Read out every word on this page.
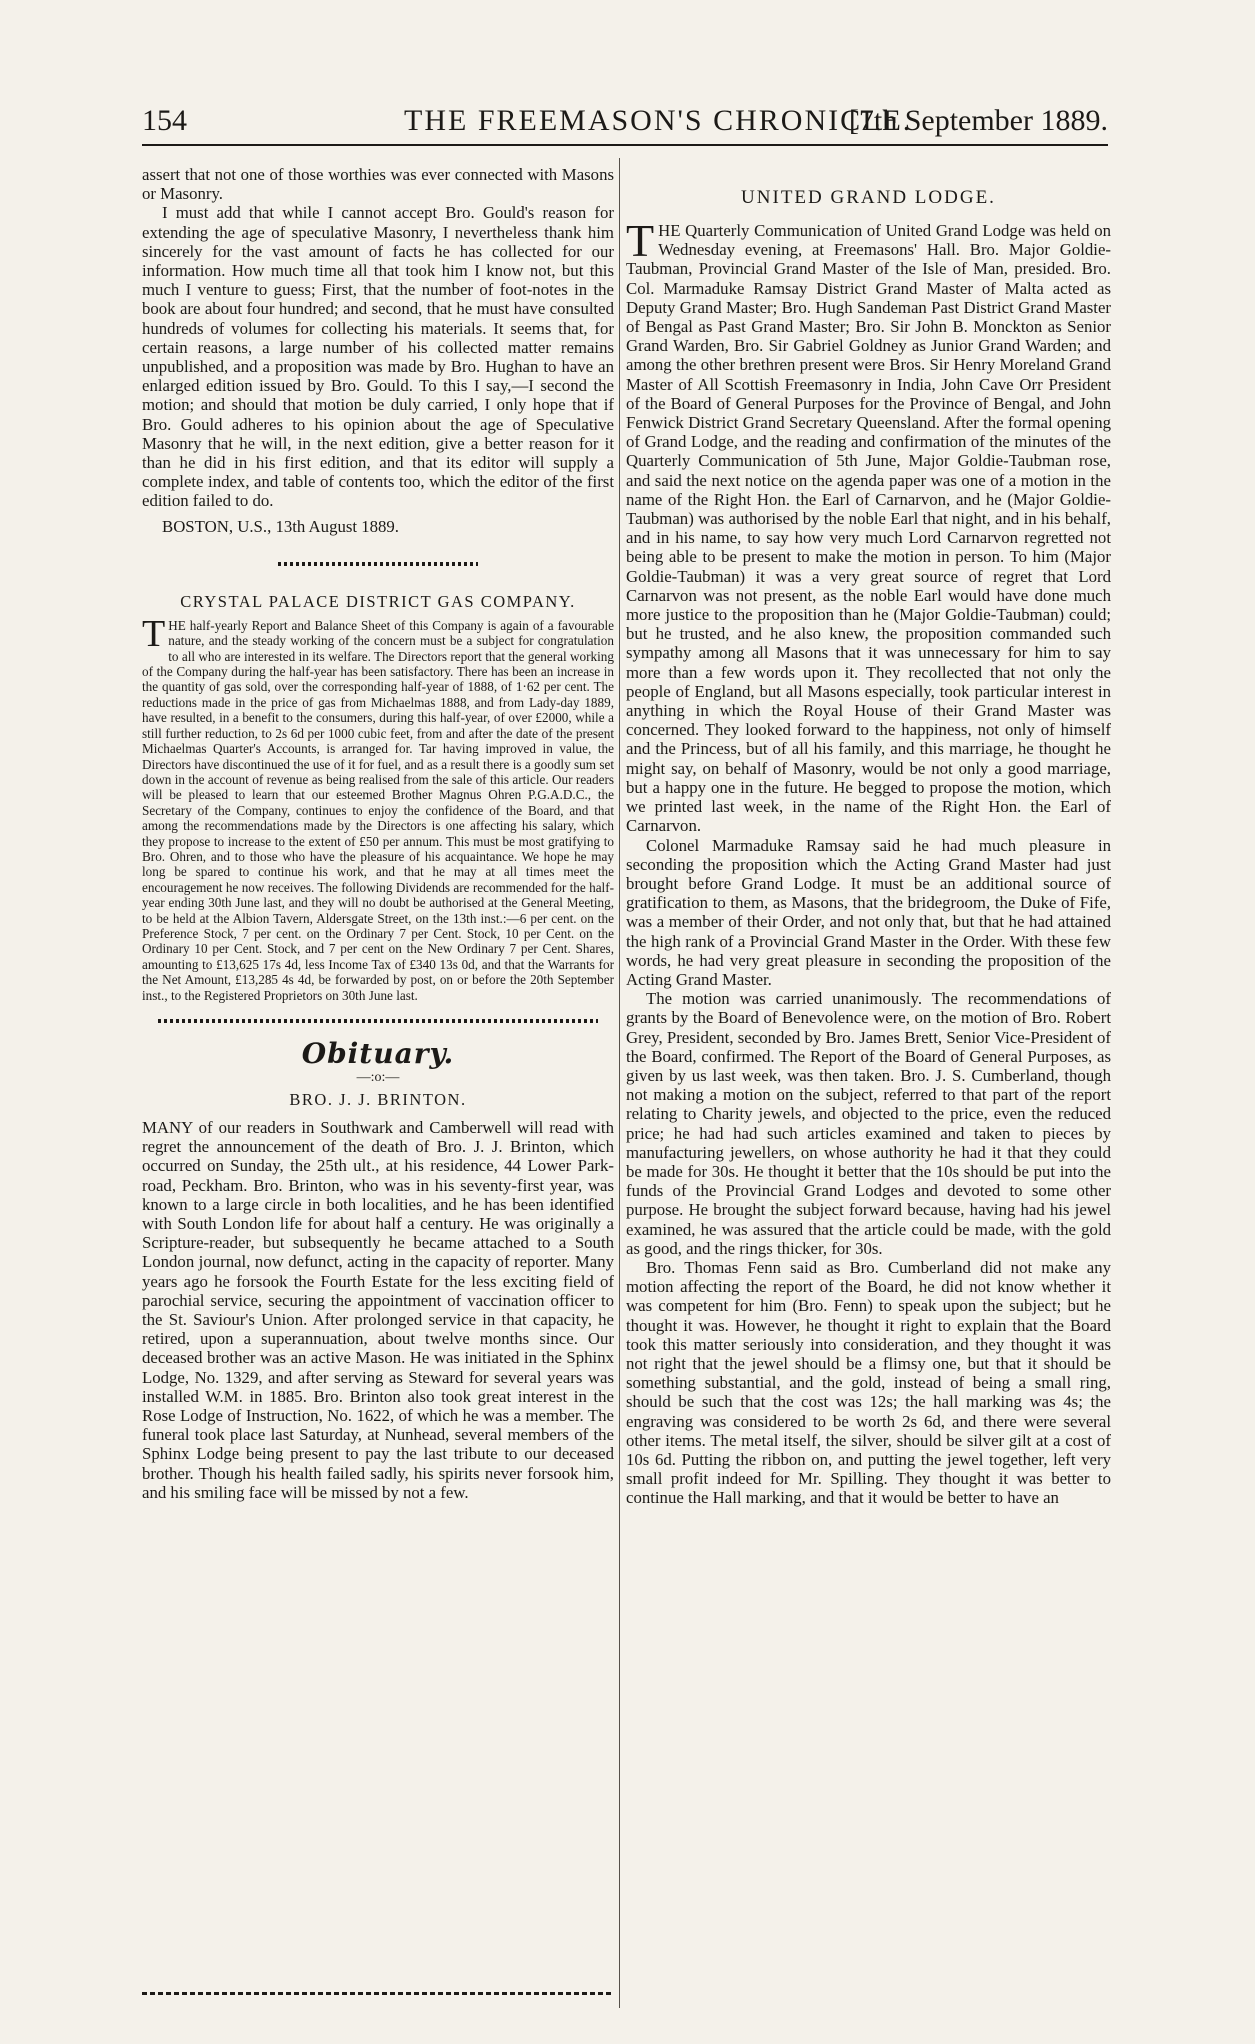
154	THE FREEMASON'S CHRONICLE.
[7th September 1889.

assert that not one of those worthies was ever connected with Masons or Masonry.

I must add that while I cannot accept Bro. Gould's reason for extending the age of speculative Masonry, I nevertheless thank him sincerely for the vast amount of facts he has collected for our information. How much time all that took him I know not, but this much I venture to guess; First, that the number of foot-notes in the book are about four hundred; and second, that he must have consulted hundreds of volumes for collecting his materials. It seems that, for certain reasons, a large number of his collected matter remains unpublished, and a proposition was made by Bro. Hughan to have an enlarged edition issued by Bro. Gould. To this I say,—I second the motion; and should that motion be duly carried, I only hope that if Bro. Gould adheres to his opinion about the age of Speculative Masonry that he will, in the next edition, give a better reason for it than he did in his first edition, and that its editor will supply a complete index, and table of contents too, which the editor of the first edition failed to do.

BOSTON, U.S., 13th August 1889.

CRYSTAL PALACE DISTRICT GAS COMPANY.

THE half-yearly Report and Balance Sheet of this Company is again of a favourable nature, and the steady working of the concern must be a subject for congratulation to all who are interested in its welfare. The Directors report that the general working of the Company during the half-year has been satisfactory. There has been an increase in the quantity of gas sold, over the corresponding half-year of 1888, of 1·62 per cent. The reductions made in the price of gas from Michaelmas 1888, and from Lady-day 1889, have resulted, in a benefit to the consumers, during this half-year, of over £2000, while a still further reduction, to 2s 6d per 1000 cubic feet, from and after the date of the present Michaelmas Quarter's Accounts, is arranged for. Tar having improved in value, the Directors have discontinued the use of it for fuel, and as a result there is a goodly sum set down in the account of revenue as being realised from the sale of this article. Our readers will be pleased to learn that our esteemed Brother Magnus Ohren P.G.A.D.C., the Secretary of the Company, continues to enjoy the confidence of the Board, and that among the recommendations made by the Directors is one affecting his salary, which they propose to increase to the extent of £50 per annum. This must be most gratifying to Bro. Ohren, and to those who have the pleasure of his acquaintance. We hope he may long be spared to continue his work, and that he may at all times meet the encouragement he now receives. The following Dividends are recommended for the half-year ending 30th June last, and they will no doubt be authorised at the General Meeting, to be held at the Albion Tavern, Aldersgate Street, on the 13th inst.:—6 per cent. on the Preference Stock, 7 per cent. on the Ordinary 7 per Cent. Stock, 10 per Cent. on the Ordinary 10 per Cent. Stock, and 7 per cent on the New Ordinary 7 per Cent. Shares, amounting to £13,625 17s 4d, less Income Tax of £340 13s 0d, and that the Warrants for the Net Amount, £13,285 4s 4d, be forwarded by post, on or before the 20th September inst., to the Registered Proprietors on 30th June last.

Obituary.

—:o:—

BRO. J. J. BRINTON.

MANY of our readers in Southwark and Camberwell will read with regret the announcement of the death of Bro. J. J. Brinton, which occurred on Sunday, the 25th ult., at his residence, 44 Lower Park-road, Peckham. Bro. Brinton, who was in his seventy-first year, was known to a large circle in both localities, and he has been identified with South London life for about half a century. He was originally a Scripture-reader, but subsequently he became attached to a South London journal, now defunct, acting in the capacity of reporter. Many years ago he forsook the Fourth Estate for the less exciting field of parochial service, securing the appointment of vaccination officer to the St. Saviour's Union. After prolonged service in that capacity, he retired, upon a superannuation, about twelve months since. Our deceased brother was an active Mason. He was initiated in the Sphinx Lodge, No. 1329, and after serving as Steward for several years was installed W.M. in 1885. Bro. Brinton also took great interest in the Rose Lodge of Instruction, No. 1622, of which he was a member. The funeral took place last Saturday, at Nunhead, several members of the Sphinx Lodge being present to pay the last tribute to our deceased brother. Though his health failed sadly, his spirits never forsook him, and his smiling face will be missed by not a few.

UNITED GRAND LODGE.

THE Quarterly Communication of United Grand Lodge was held on Wednesday evening, at Freemasons' Hall. Bro. Major Goldie-Taubman, Provincial Grand Master of the Isle of Man, presided. Bro. Col. Marmaduke Ramsay District Grand Master of Malta acted as Deputy Grand Master; Bro. Hugh Sandeman Past District Grand Master of Bengal as Past Grand Master; Bro. Sir John B. Monckton as Senior Grand Warden, Bro. Sir Gabriel Goldney as Junior Grand Warden; and among the other brethren present were Bros. Sir Henry Moreland Grand Master of All Scottish Freemasonry in India, John Cave Orr President of the Board of General Purposes for the Province of Bengal, and John Fenwick District Grand Secretary Queensland. After the formal opening of Grand Lodge, and the reading and confirmation of the minutes of the Quarterly Communication of 5th June, Major Goldie-Taubman rose, and said the next notice on the agenda paper was one of a motion in the name of the Right Hon. the Earl of Carnarvon, and he (Major Goldie-Taubman) was authorised by the noble Earl that night, and in his behalf, and in his name, to say how very much Lord Carnarvon regretted not being able to be present to make the motion in person. To him (Major Goldie-Taubman) it was a very great source of regret that Lord Carnarvon was not present, as the noble Earl would have done much more justice to the proposition than he (Major Goldie-Taubman) could; but he trusted, and he also knew, the proposition commanded such sympathy among all Masons that it was unnecessary for him to say more than a few words upon it. They recollected that not only the people of England, but all Masons especially, took particular interest in anything in which the Royal House of their Grand Master was concerned. They looked forward to the happiness, not only of himself and the Princess, but of all his family, and this marriage, he thought he might say, on behalf of Masonry, would be not only a good marriage, but a happy one in the future. He begged to propose the motion, which we printed last week, in the name of the Right Hon. the Earl of Carnarvon.

Colonel Marmaduke Ramsay said he had much pleasure in seconding the proposition which the Acting Grand Master had just brought before Grand Lodge. It must be an additional source of gratification to them, as Masons, that the bridegroom, the Duke of Fife, was a member of their Order, and not only that, but that he had attained the high rank of a Provincial Grand Master in the Order. With these few words, he had very great pleasure in seconding the proposition of the Acting Grand Master.

The motion was carried unanimously. The recommendations of grants by the Board of Benevolence were, on the motion of Bro. Robert Grey, President, seconded by Bro. James Brett, Senior Vice-President of the Board, confirmed. The Report of the Board of General Purposes, as given by us last week, was then taken. Bro. J. S. Cumberland, though not making a motion on the subject, referred to that part of the report relating to Charity jewels, and objected to the price, even the reduced price; he had had such articles examined and taken to pieces by manufacturing jewellers, on whose authority he had it that they could be made for 30s. He thought it better that the 10s should be put into the funds of the Provincial Grand Lodges and devoted to some other purpose. He brought the subject forward because, having had his jewel examined, he was assured that the article could be made, with the gold as good, and the rings thicker, for 30s.

Bro. Thomas Fenn said as Bro. Cumberland did not make any motion affecting the report of the Board, he did not know whether it was competent for him (Bro. Fenn) to speak upon the subject; but he thought it was. However, he thought it right to explain that the Board took this matter seriously into consideration, and they thought it was not right that the jewel should be a flimsy one, but that it should be something substantial, and the gold, instead of being a small ring, should be such that the cost was 12s; the hall marking was 4s; the engraving was considered to be worth 2s 6d, and there were several other items. The metal itself, the silver, should be silver gilt at a cost of 10s 6d. Putting the ribbon on, and putting the jewel together, left very small profit indeed for Mr. Spilling. They thought it was better to continue the Hall marking, and that it would be better to have an
